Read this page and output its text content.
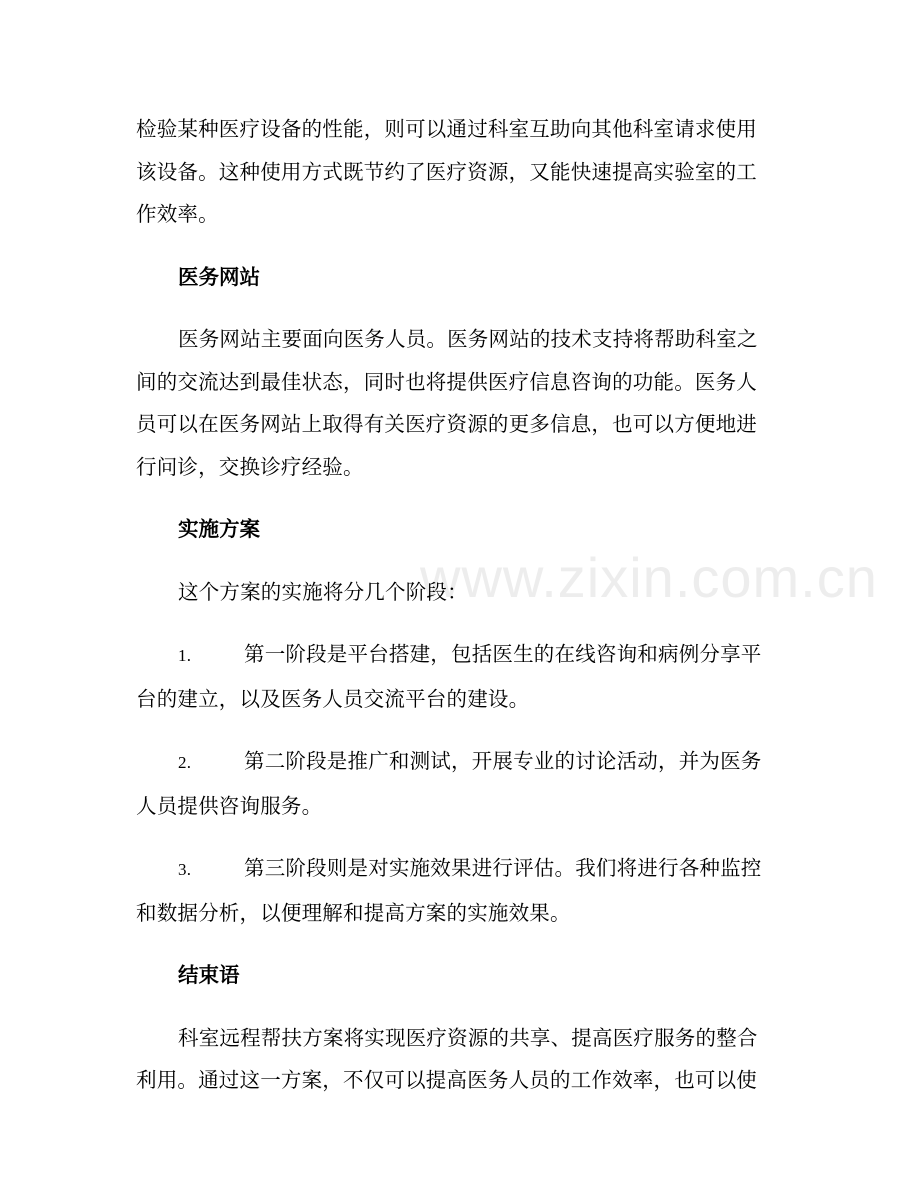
www.zixin.com.cn

检验某种医疗设备的性能，则可以通过科室互助向其他科室请求使用该设备。这种使用方式既节约了医疗资源，又能快速提高实验室的工作效率。

医务网站

医务网站主要面向医务人员。医务网站的技术支持将帮助科室之间的交流达到最佳状态，同时也将提供医疗信息咨询的功能。医务人员可以在医务网站上取得有关医疗资源的更多信息，也可以方便地进行问诊，交换诊疗经验。

实施方案

这个方案的实施将分几个阶段：

1.	第一阶段是平台搭建，包括医生的在线咨询和病例分享平
台的建立，以及医务人员交流平台的建设。
2.	第二阶段是推广和测试，开展专业的讨论活动，并为医务
人员提供咨询服务。
3.	第三阶段则是对实施效果进行评估。我们将进行各种监控
和数据分析，以便理解和提高方案的实施效果。

结束语

科室远程帮扶方案将实现医疗资源的共享、提高医疗服务的整合利用。通过这一方案，不仅可以提高医务人员的工作效率，也可以使
